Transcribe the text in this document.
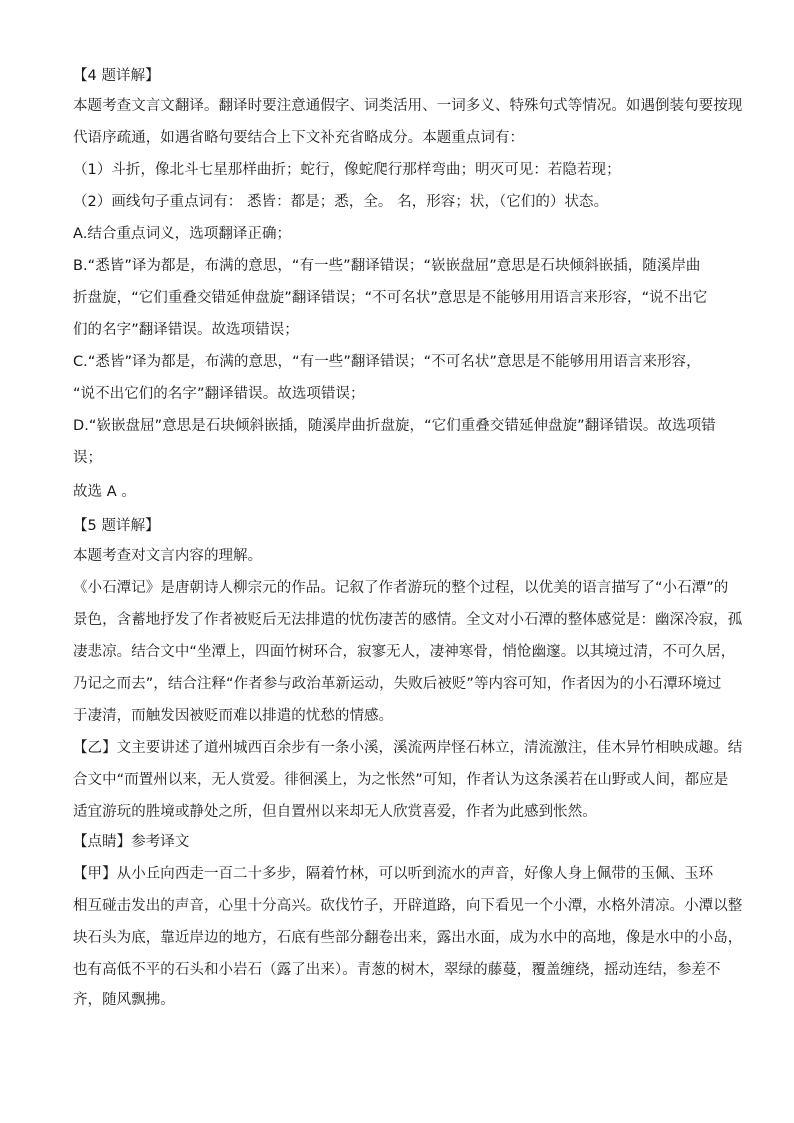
【4 题详解】
本题考查文言文翻译。翻译时要注意通假字、词类活用、一词多义、特殊句式等情况。如遇倒装句要按现
代语序疏通，如遇省略句要结合上下文补充省略成分。本题重点词有：
（1）斗折，像北斗七星那样曲折；蛇行，像蛇爬行那样弯曲；明灭可见：若隐若现；
（2）画线句子重点词有： 悉皆：都是；悉，全。 名，形容；状，（它们的）状态。
A.结合重点词义，选项翻译正确；
B.“悉皆”译为都是，布满的意思，“有一些”翻译错误；“嵚嵌盘屈”意思是石块倾斜嵌插，随溪岸曲
折盘旋，“它们重叠交错延伸盘旋”翻译错误；“不可名状”意思是不能够用用语言来形容，“说不出它
们的名字”翻译错误。故选项错误；
C.“悉皆”译为都是，布满的意思，“有一些”翻译错误；“不可名状”意思是不能够用用语言来形容，
“说不出它们的名字”翻译错误。故选项错误；
D.“嵚嵌盘屈”意思是石块倾斜嵌插，随溪岸曲折盘旋，“它们重叠交错延伸盘旋”翻译错误。故选项错
误；
故选 A 。
【5 题详解】
本题考查对文言内容的理解。
《小石潭记》是唐朝诗人柳宗元的作品。记叙了作者游玩的整个过程，以优美的语言描写了“小石潭”的
景色，含蓄地抒发了作者被贬后无法排遣的忧伤凄苦的感情。全文对小石潭的整体感觉是：幽深冷寂，孤
凄悲凉。结合文中“坐潭上，四面竹树环合，寂寥无人，凄神寒骨，悄怆幽邃。以其境过清，不可久居，
乃记之而去”，结合注释“作者参与政治革新运动，失败后被贬”等内容可知，作者因为的小石潭环境过
于凄清，而触发因被贬而难以排遣的忧愁的情感。
【乙】文主要讲述了道州城西百余步有一条小溪，溪流两岸怪石林立，清流激注，佳木异竹相映成趣。结
合文中“而置州以来，无人赏爱。徘徊溪上，为之怅然”可知，作者认为这条溪若在山野或人间，都应是
适宜游玩的胜境或静处之所，但自置州以来却无人欣赏喜爱，作者为此感到怅然。
【点睛】参考译文
【甲】从小丘向西走一百二十多步，隔着竹林，可以听到流水的声音，好像人身上佩带的玉佩、玉环
相互碰击发出的声音，心里十分高兴。砍伐竹子，开辟道路，向下看见一个小潭，水格外清凉。小潭以整
块石头为底，靠近岸边的地方，石底有些部分翻卷出来，露出水面，成为水中的高地，像是水中的小岛，
也有高低不平的石头和小岩石（露了出来）。青葱的树木，翠绿的藤蔓，覆盖缠绕，摇动连结，参差不
齐，随风飘拂。
